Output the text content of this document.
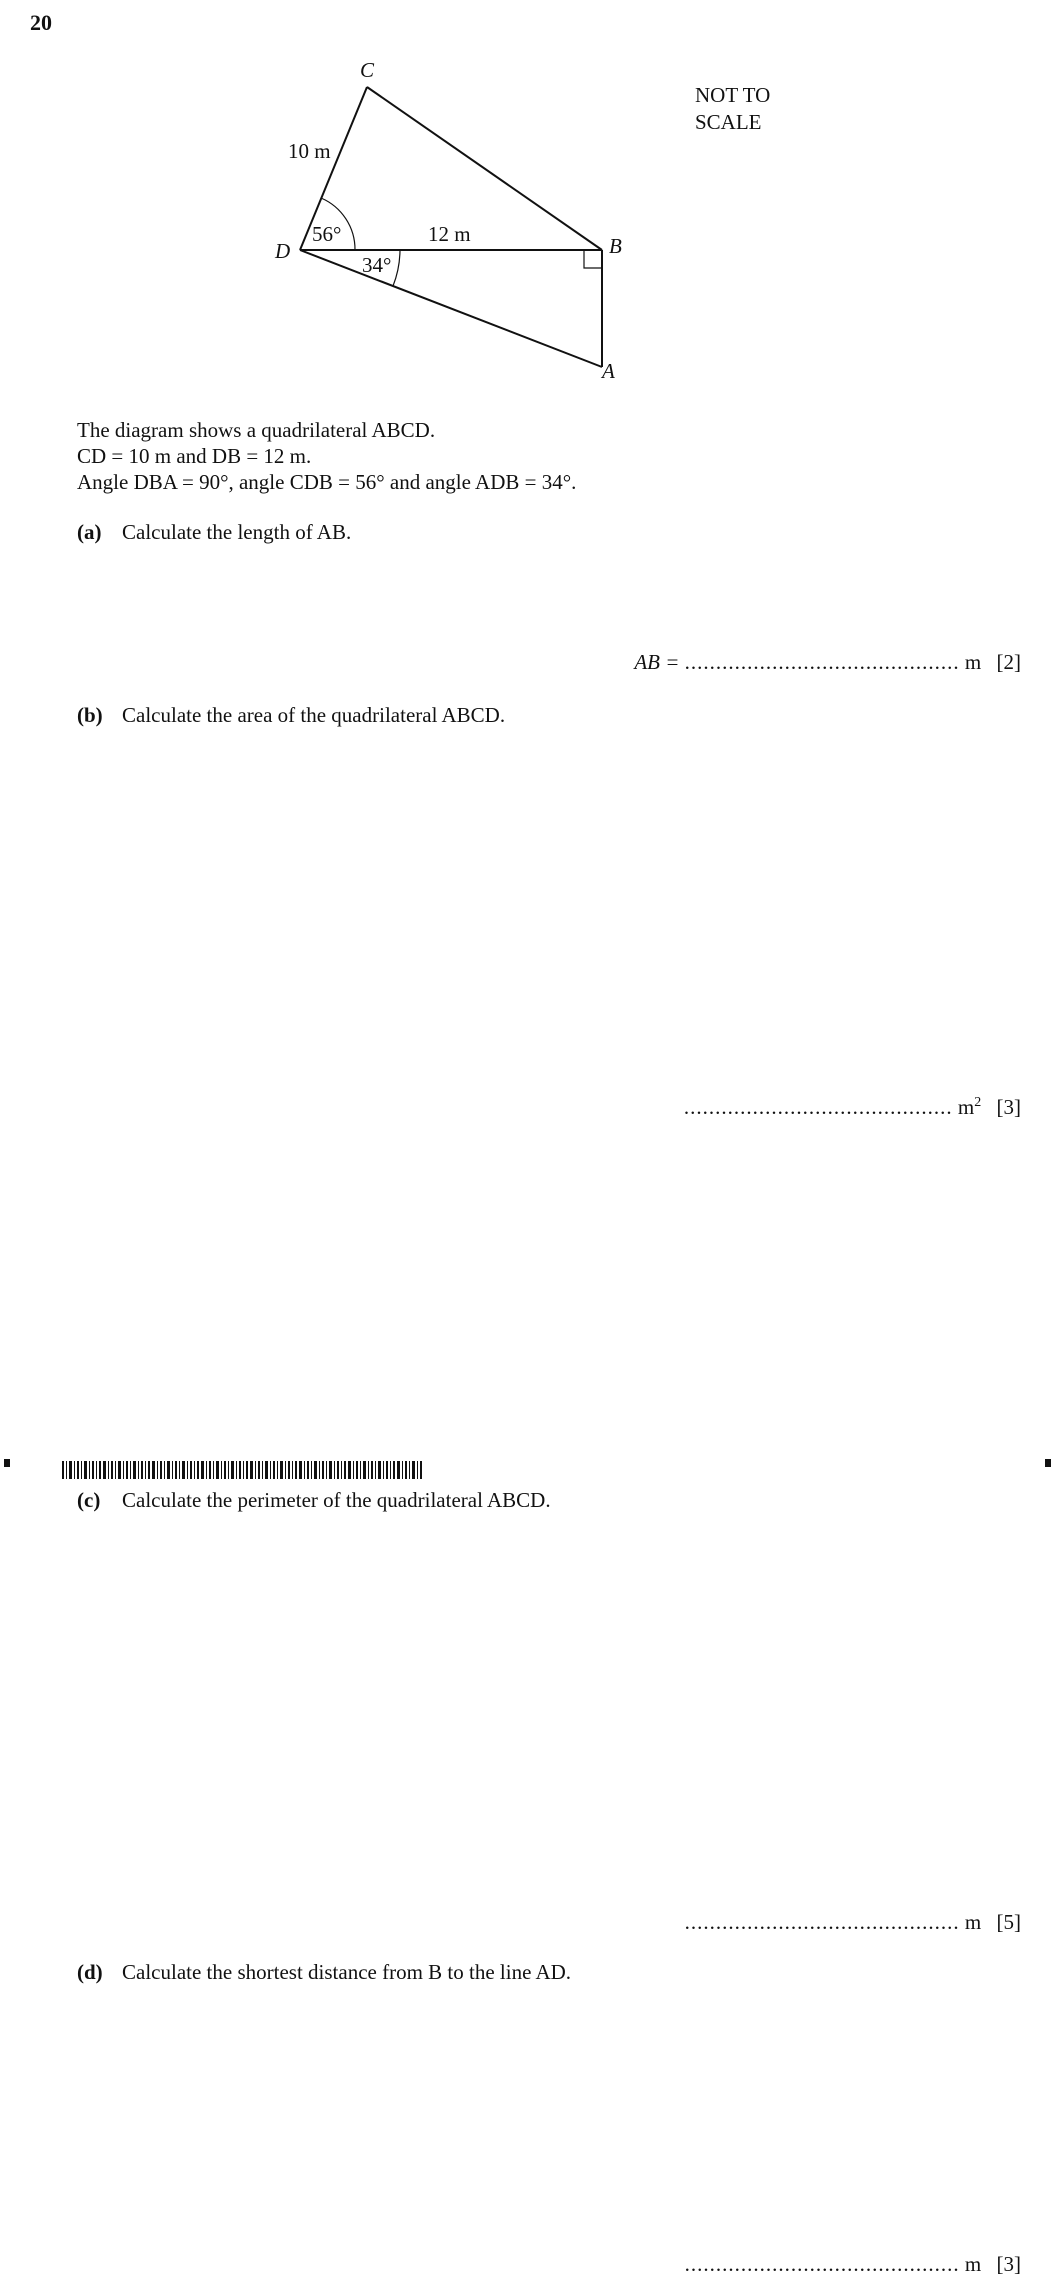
20
C
D	B
A
10 m
12 m
56°
34°
NOT TO
SCALE
The diagram shows a quadrilateral ABCD.
CD = 10 m and DB = 12 m.
Angle DBA = 90°, angle CDB = 56° and angle ADB = 34°.
(a) Calculate the length of AB.
AB = ............................................ m [2]
(b) Calculate the area of the quadrilateral ABCD.
........................................... $m^2$ [3]
(c) Calculate the perimeter of the quadrilateral ABCD.
............................................ m [5]
(d) Calculate the shortest distance from B to the line AD.
............................................ m [3]
